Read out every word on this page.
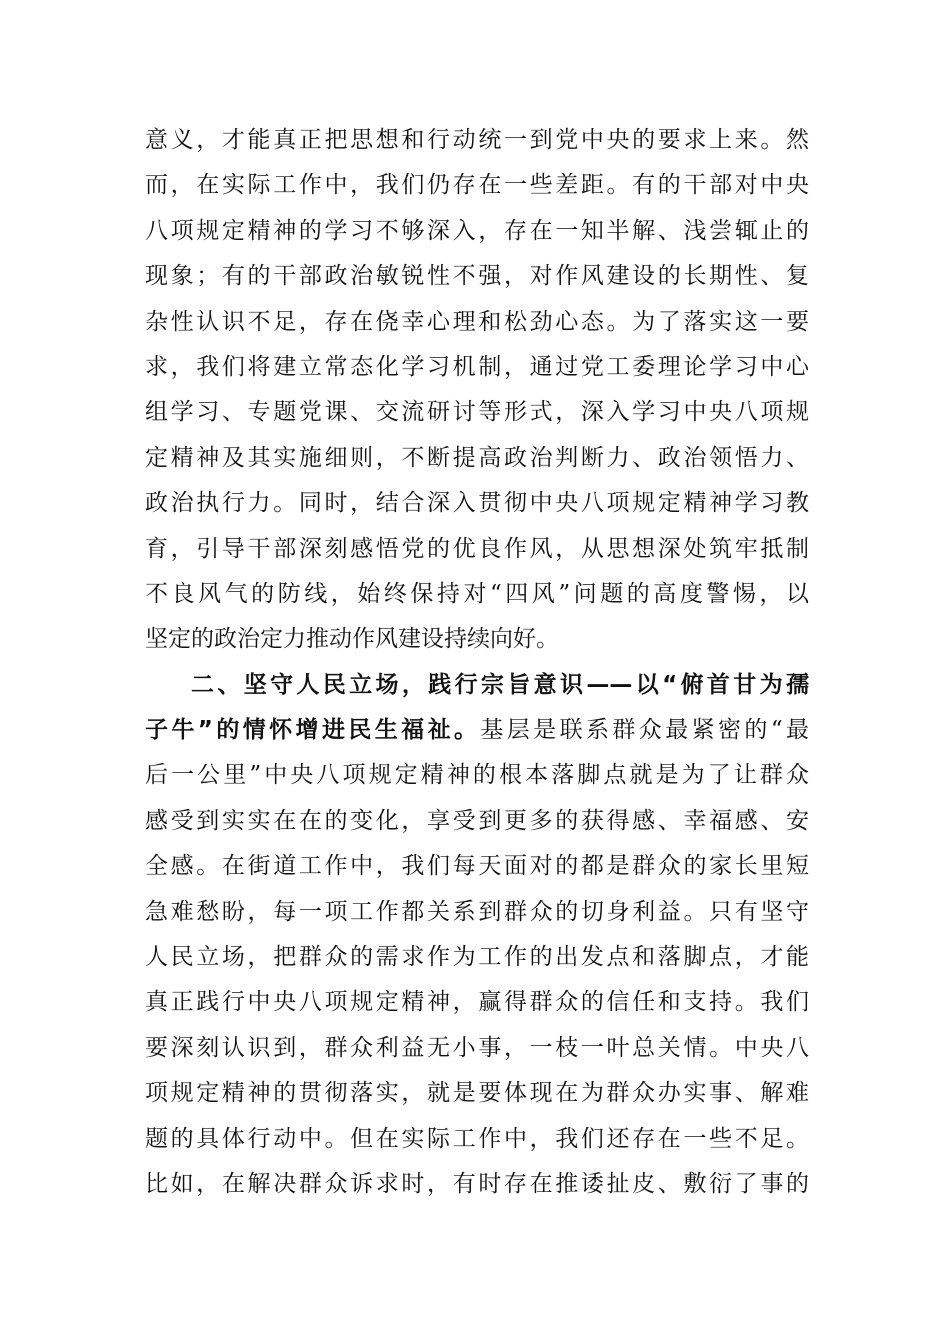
意义，才能真正把思想和行动统一到党中央的要求上来。然
而，在实际工作中，我们仍存在一些差距。有的干部对中央
八项规定精神的学习不够深入，存在一知半解、浅尝辄止的
现象；有的干部政治敏锐性不强，对作风建设的长期性、复
杂性认识不足，存在侥幸心理和松劲心态。为了落实这一要
求，我们将建立常态化学习机制，通过党工委理论学习中心
组学习、专题党课、交流研讨等形式，深入学习中央八项规
定精神及其实施细则，不断提高政治判断力、政治领悟力、
政治执行力。同时，结合深入贯彻中央八项规定精神学习教
育，引导干部深刻感悟党的优良作风，从思想深处筑牢抵制
不良风气的防线，始终保持对“四风”问题的高度警惕，以
坚定的政治定力推动作风建设持续向好。
二、坚守人民立场，践行宗旨意识——以“俯首甘为孺
子牛”的情怀增进民生福祉。基层是联系群众最紧密的“最
后一公里”中央八项规定精神的根本落脚点就是为了让群众
感受到实实在在的变化，享受到更多的获得感、幸福感、安
全感。在街道工作中，我们每天面对的都是群众的家长里短
急难愁盼，每一项工作都关系到群众的切身利益。只有坚守
人民立场，把群众的需求作为工作的出发点和落脚点，才能
真正践行中央八项规定精神，赢得群众的信任和支持。我们
要深刻认识到，群众利益无小事，一枝一叶总关情。中央八
项规定精神的贯彻落实，就是要体现在为群众办实事、解难
题的具体行动中。但在实际工作中，我们还存在一些不足。
比如，在解决群众诉求时，有时存在推诿扯皮、敷衍了事的
